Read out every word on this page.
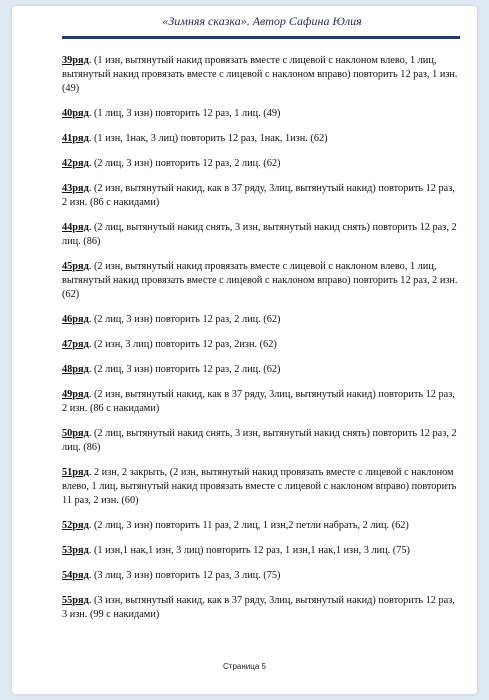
«Зимняя сказка». Автор Сафина Юлия

39ряд. (1 изн, вытянутый накид провязать вместе с лицевой с наклоном влево, 1 лиц, вытянутый накид провязать вместе с лицевой с наклоном вправо) повторить 12 раз, 1 изн. (49)

40ряд. (1 лиц, 3 изн) повторить 12 раз, 1 лиц. (49)

41ряд. (1 изн, 1нак, 3 лиц) повторить 12 раз, 1нак, 1изн. (62)

42ряд. (2 лиц, 3 изн) повторить 12 раз, 2 лиц. (62)

43ряд. (2 изн, вытянутый накид, как в 37 ряду, 3лиц, вытянутый накид) повторить 12 раз, 2 изн. (86 с накидами)

44ряд. (2 лиц, вытянутый накид снять, 3 изн, вытянутый накид снять) повторить 12 раз, 2 лиц. (86)

45ряд. (2 изн, вытянутый накид провязать вместе с лицевой с наклоном влево, 1 лиц, вытянутый накид провязать вместе с лицевой с наклоном вправо) повторить 12 раз, 2 изн. (62)

46ряд. (2 лиц, 3 изн) повторить 12 раз, 2 лиц. (62)

47ряд. (2 изн, 3 лиц) повторить 12 раз, 2изн. (62)

48ряд. (2 лиц, 3 изн) повторить 12 раз, 2 лиц. (62)

49ряд. (2 изн, вытянутый накид, как в 37 ряду, 3лиц, вытянутый накид) повторить 12 раз, 2 изн. (86 с накидами)

50ряд. (2 лиц, вытянутый накид снять, 3 изн, вытянутый накид снять) повторить 12 раз, 2 лиц. (86)

51ряд. 2 изн, 2 закрыть, (2 изн, вытянутый накид провязать вместе с лицевой с наклоном влево, 1 лиц, вытянутый накид провязать вместе с лицевой с наклоном вправо) повторить 11 раз, 2 изн. (60)

52ряд. (2 лиц, 3 изн) повторить 11 раз, 2 лиц, 1 изн,2 петли набрать, 2 лиц. (62)

53ряд. (1 изн,1 нак,1 изн, 3 лиц) повторить 12 раз, 1 изн,1 нак,1 изн, 3 лиц. (75)

54ряд. (3 лиц, 3 изн) повторить 12 раз, 3 лиц. (75)

55ряд. (3 изн, вытянутый накид, как в 37 ряду, 3лиц, вытянутый накид) повторить 12 раз, 3 изн. (99 с накидами)

Страница 5
